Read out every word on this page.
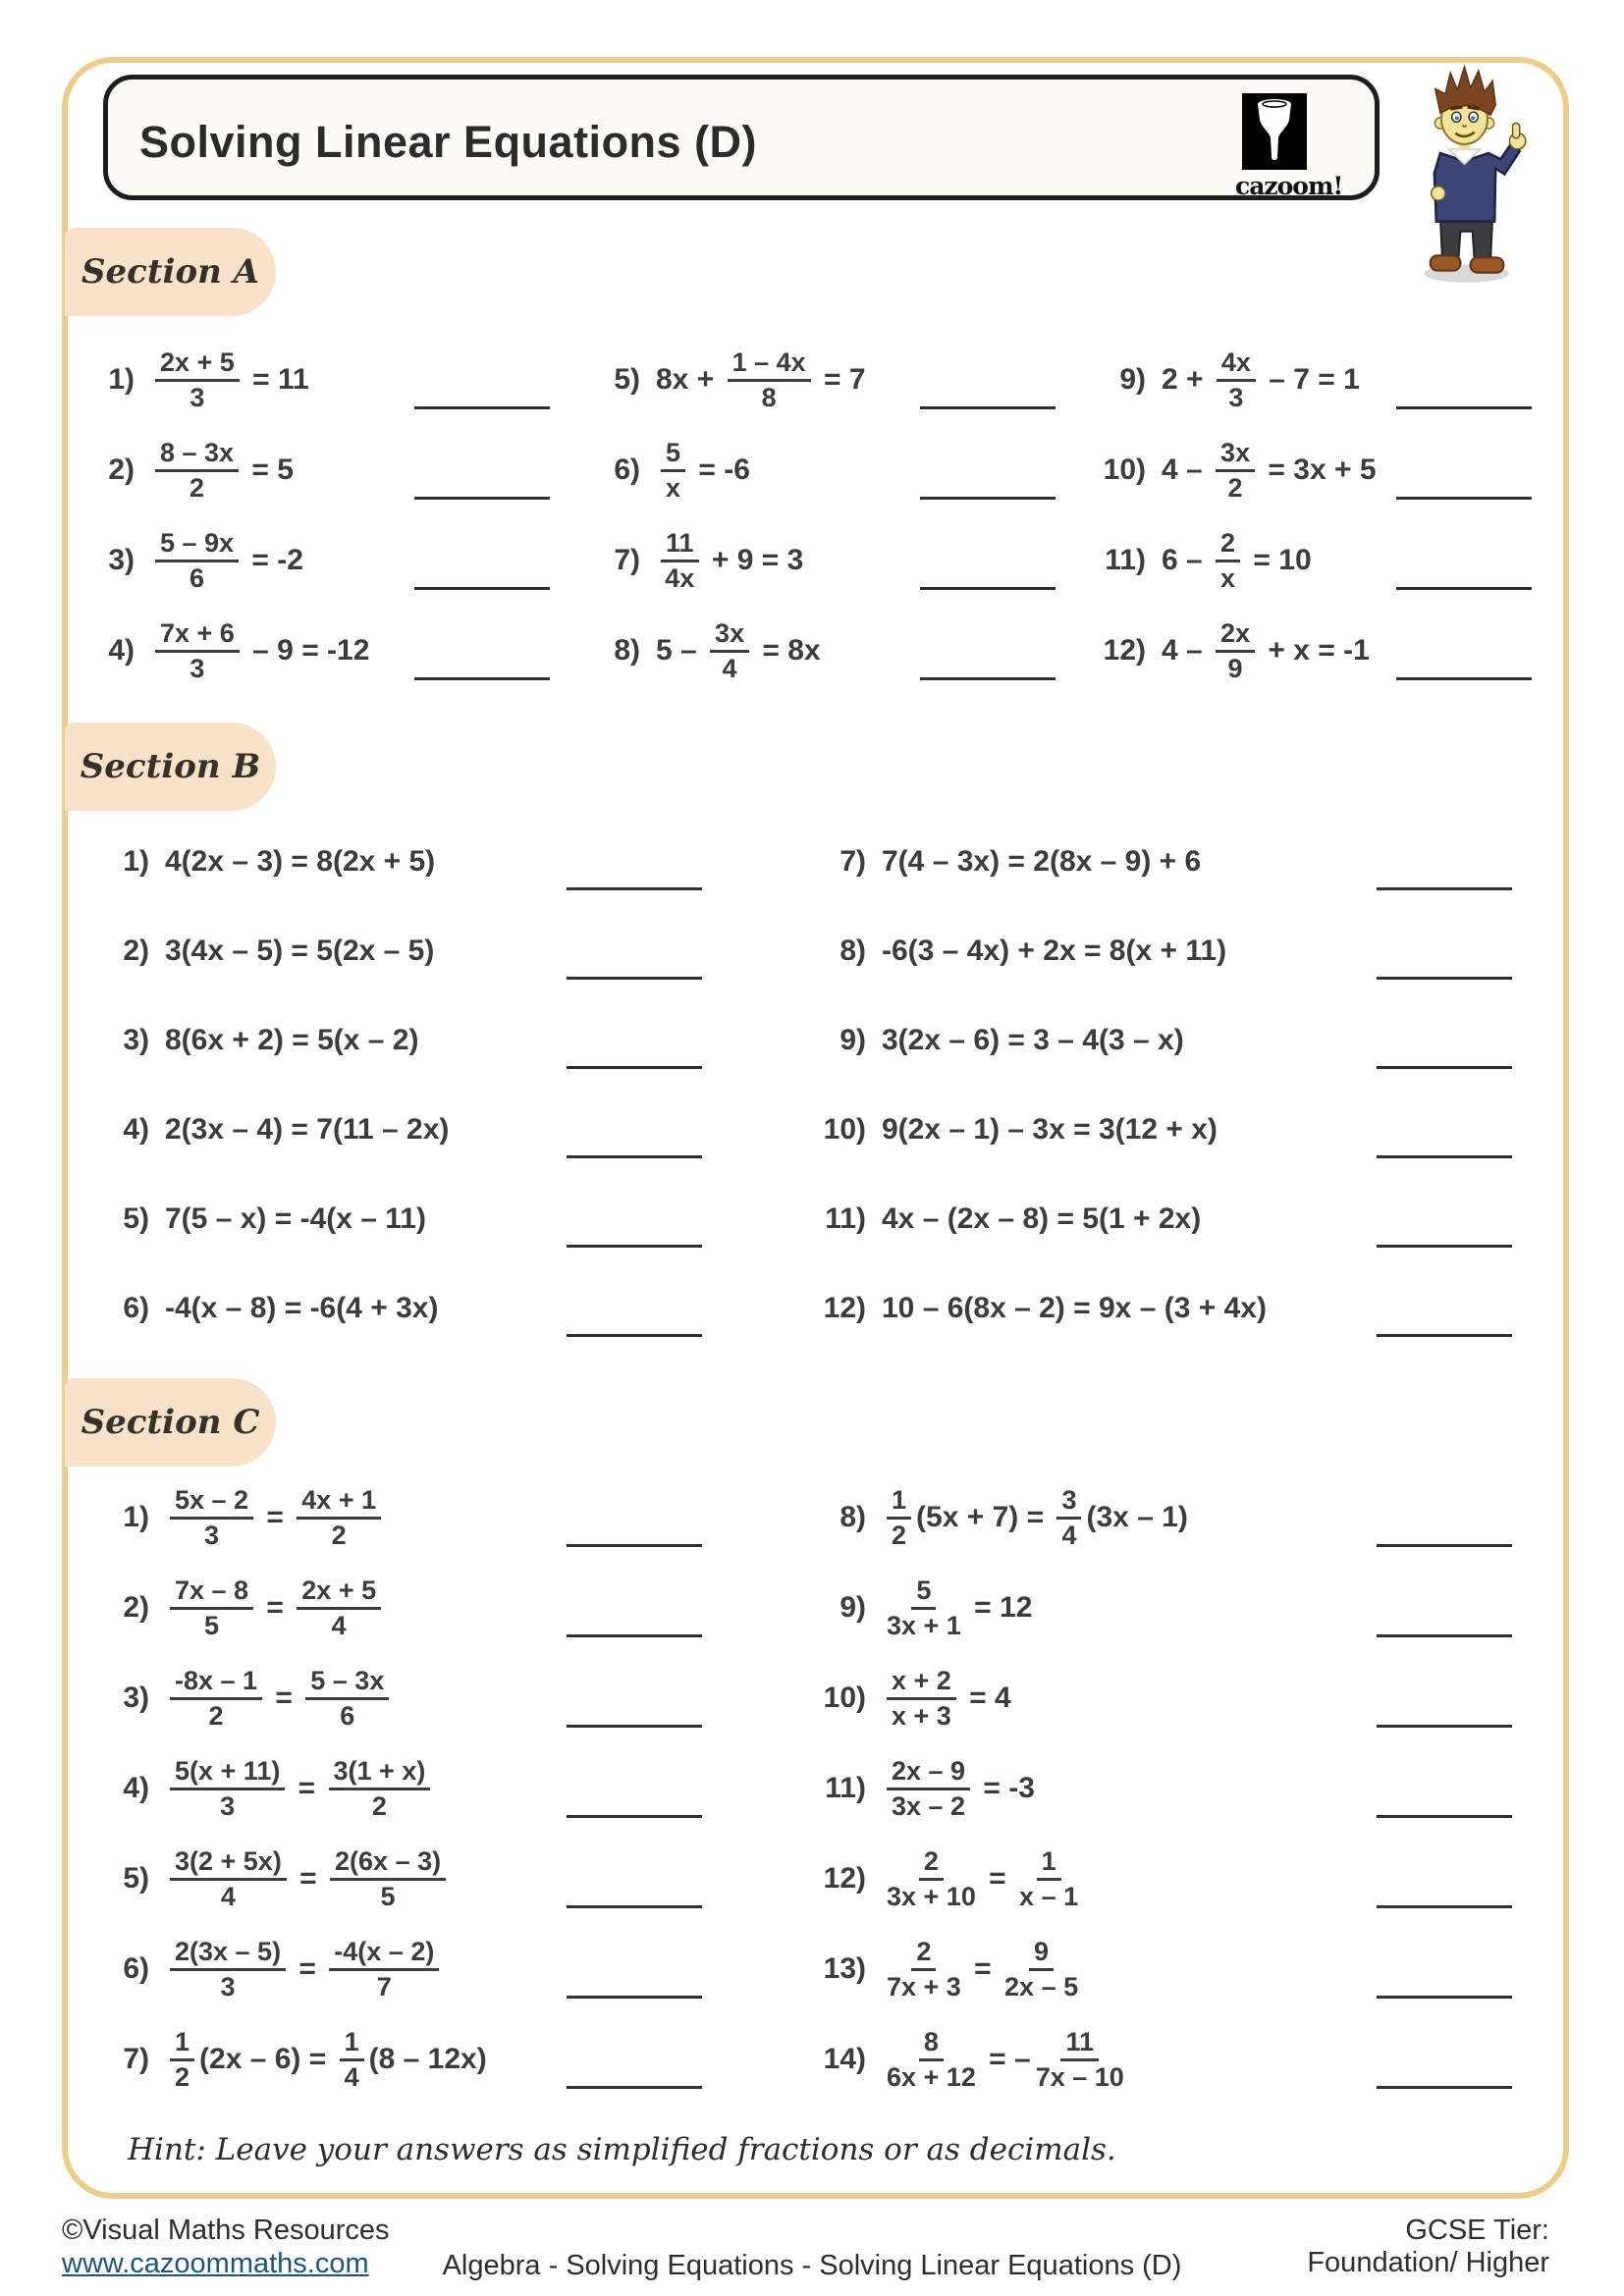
Solving Linear Equations (D)
cazoom!
Section A
$1) \frac{2x + 5}{3} = 11$
$2) \frac{8 - 3x}{2} = 5$
$3) \frac{5 - 9x}{6} = -2$
$4) \frac{7x + 6}{3} - 9 = -12$
5) $8x + \frac{1 - 4x}{8} = 7$
$6) \frac{5}{x} = -6$
$7) \frac{11}{4x} + 9 = 3$
8) $5 - \frac{3x}{4} = 8x$
9) $2 + \frac{4x}{3} - 7 = 1$
10) $4 - \frac{3x}{2} = 3x + 5$
11) $6 - \frac{2}{x} = 10$
12) $4 - \frac{2x}{9} + x = -1$
Section B
1) 4(2x – 3) = 8(2x + 5)
2) 3(4x – 5) = 5(2x – 5)
3) 8(6x + 2) = 5(x – 2)
4) 2(3x – 4) = 7(11 – 2x)
5) 7(5 – x) = -4(x – 11)
6) -4(x – 8) = -6(4 + 3x)
7) 7(4 – 3x) = 2(8x – 9) + 6
8) -6(3 – 4x) + 2x = 8(x + 11)
9) 3(2x – 6) = 3 – 4(3 – x)
10) 9(2x – 1) – 3x = 3(12 + x)
11) 4x – (2x – 8) = 5(1 + 2x)
12) 10 – 6(8x – 2) = 9x – (3 + 4x)
Section C
$1) \frac{5x - 2}{3} = \frac{4x + 1}{2}$
$2) \frac{7x - 8}{5} = \frac{2x + 5}{4}$
$3) \frac{-8x - 1}{2} = \frac{5 - 3x}{6}$
$4) \frac{5(x + 11)}{3} = \frac{3(1 + x)}{2}$
$5) \frac{3(2 + 5x)}{4} = \frac{2(6x - 3)}{5}$
$6) \frac{2(3x - 5)}{3} = \frac{-4(x - 2)}{7}$
$7) \frac{1}{2} (2x - 6) = \frac{1}{4} (8 - 12x)$
$8) \frac{1}{2} (5x + 7) = \frac{3}{4} (3x - 1)$
$9) \frac{5}{3x + 1} = 12$
$10) \frac{x + 2}{x + 3} = 4$
$11) \frac{2x - 9}{3x - 2} = -3$
$12) \frac{2}{3x + 10} = \frac{1}{x - 1}$
$13) \frac{2}{7x + 3} = \frac{9}{2x - 5}$
$14) \frac{8}{6x + 12}$ = – $\frac{11}{7x - 10}$
Hint: Leave your answers as simplified fractions or as decimals.
©Visual Maths Resources
www.cazoommaths.com	Algebra - Solving Equations - Solving Linear Equations (D)
GCSE Tier:
Foundation/ Higher
